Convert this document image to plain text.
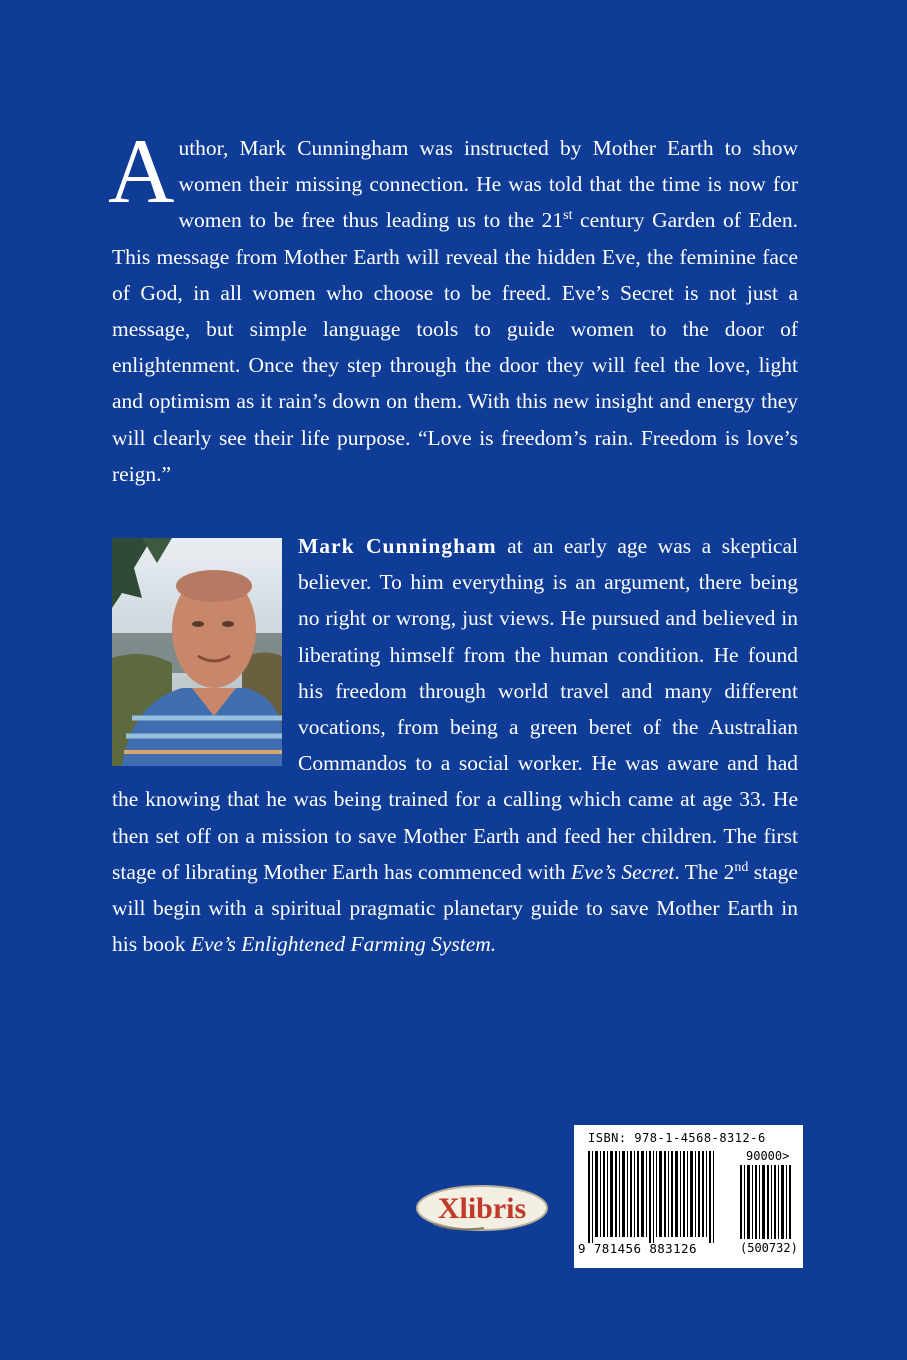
Author, Mark Cunningham was instructed by Mother Earth to show women their missing connection. He was told that the time is now for women to be free thus leading us to the 21st century Garden of Eden. This message from Mother Earth will reveal the hidden Eve, the feminine face of God, in all women who choose to be freed. Eve’s Secret is not just a message, but simple language tools to guide women to the door of enlightenment. Once they step through the door they will feel the love, light and optimism as it rain’s down on them. With this new insight and energy they will clearly see their life purpose. “Love is freedom’s rain. Freedom is love’s reign.”
Mark Cunningham at an early age was a skeptical believer. To him everything is an argument, there being no right or wrong, just views. He pursued and believed in liberating himself from the human condition. He found his freedom through world travel and many different vocations, from being a green beret of the Australian Commandos to a social worker. He was aware and had the knowing that he was being trained for a calling which came at age 33. He then set off on a mission to save Mother Earth and feed her children. The first stage of librating Mother Earth has commenced with Eve’s Secret. The 2nd stage will begin with a spiritual pragmatic planetary guide to save Mother Earth in his book Eve’s Enlightened Farming System.
Xlibris
ISBN: 978-1-4568-8312-6
90000>
9 781456 883126	(500732)
